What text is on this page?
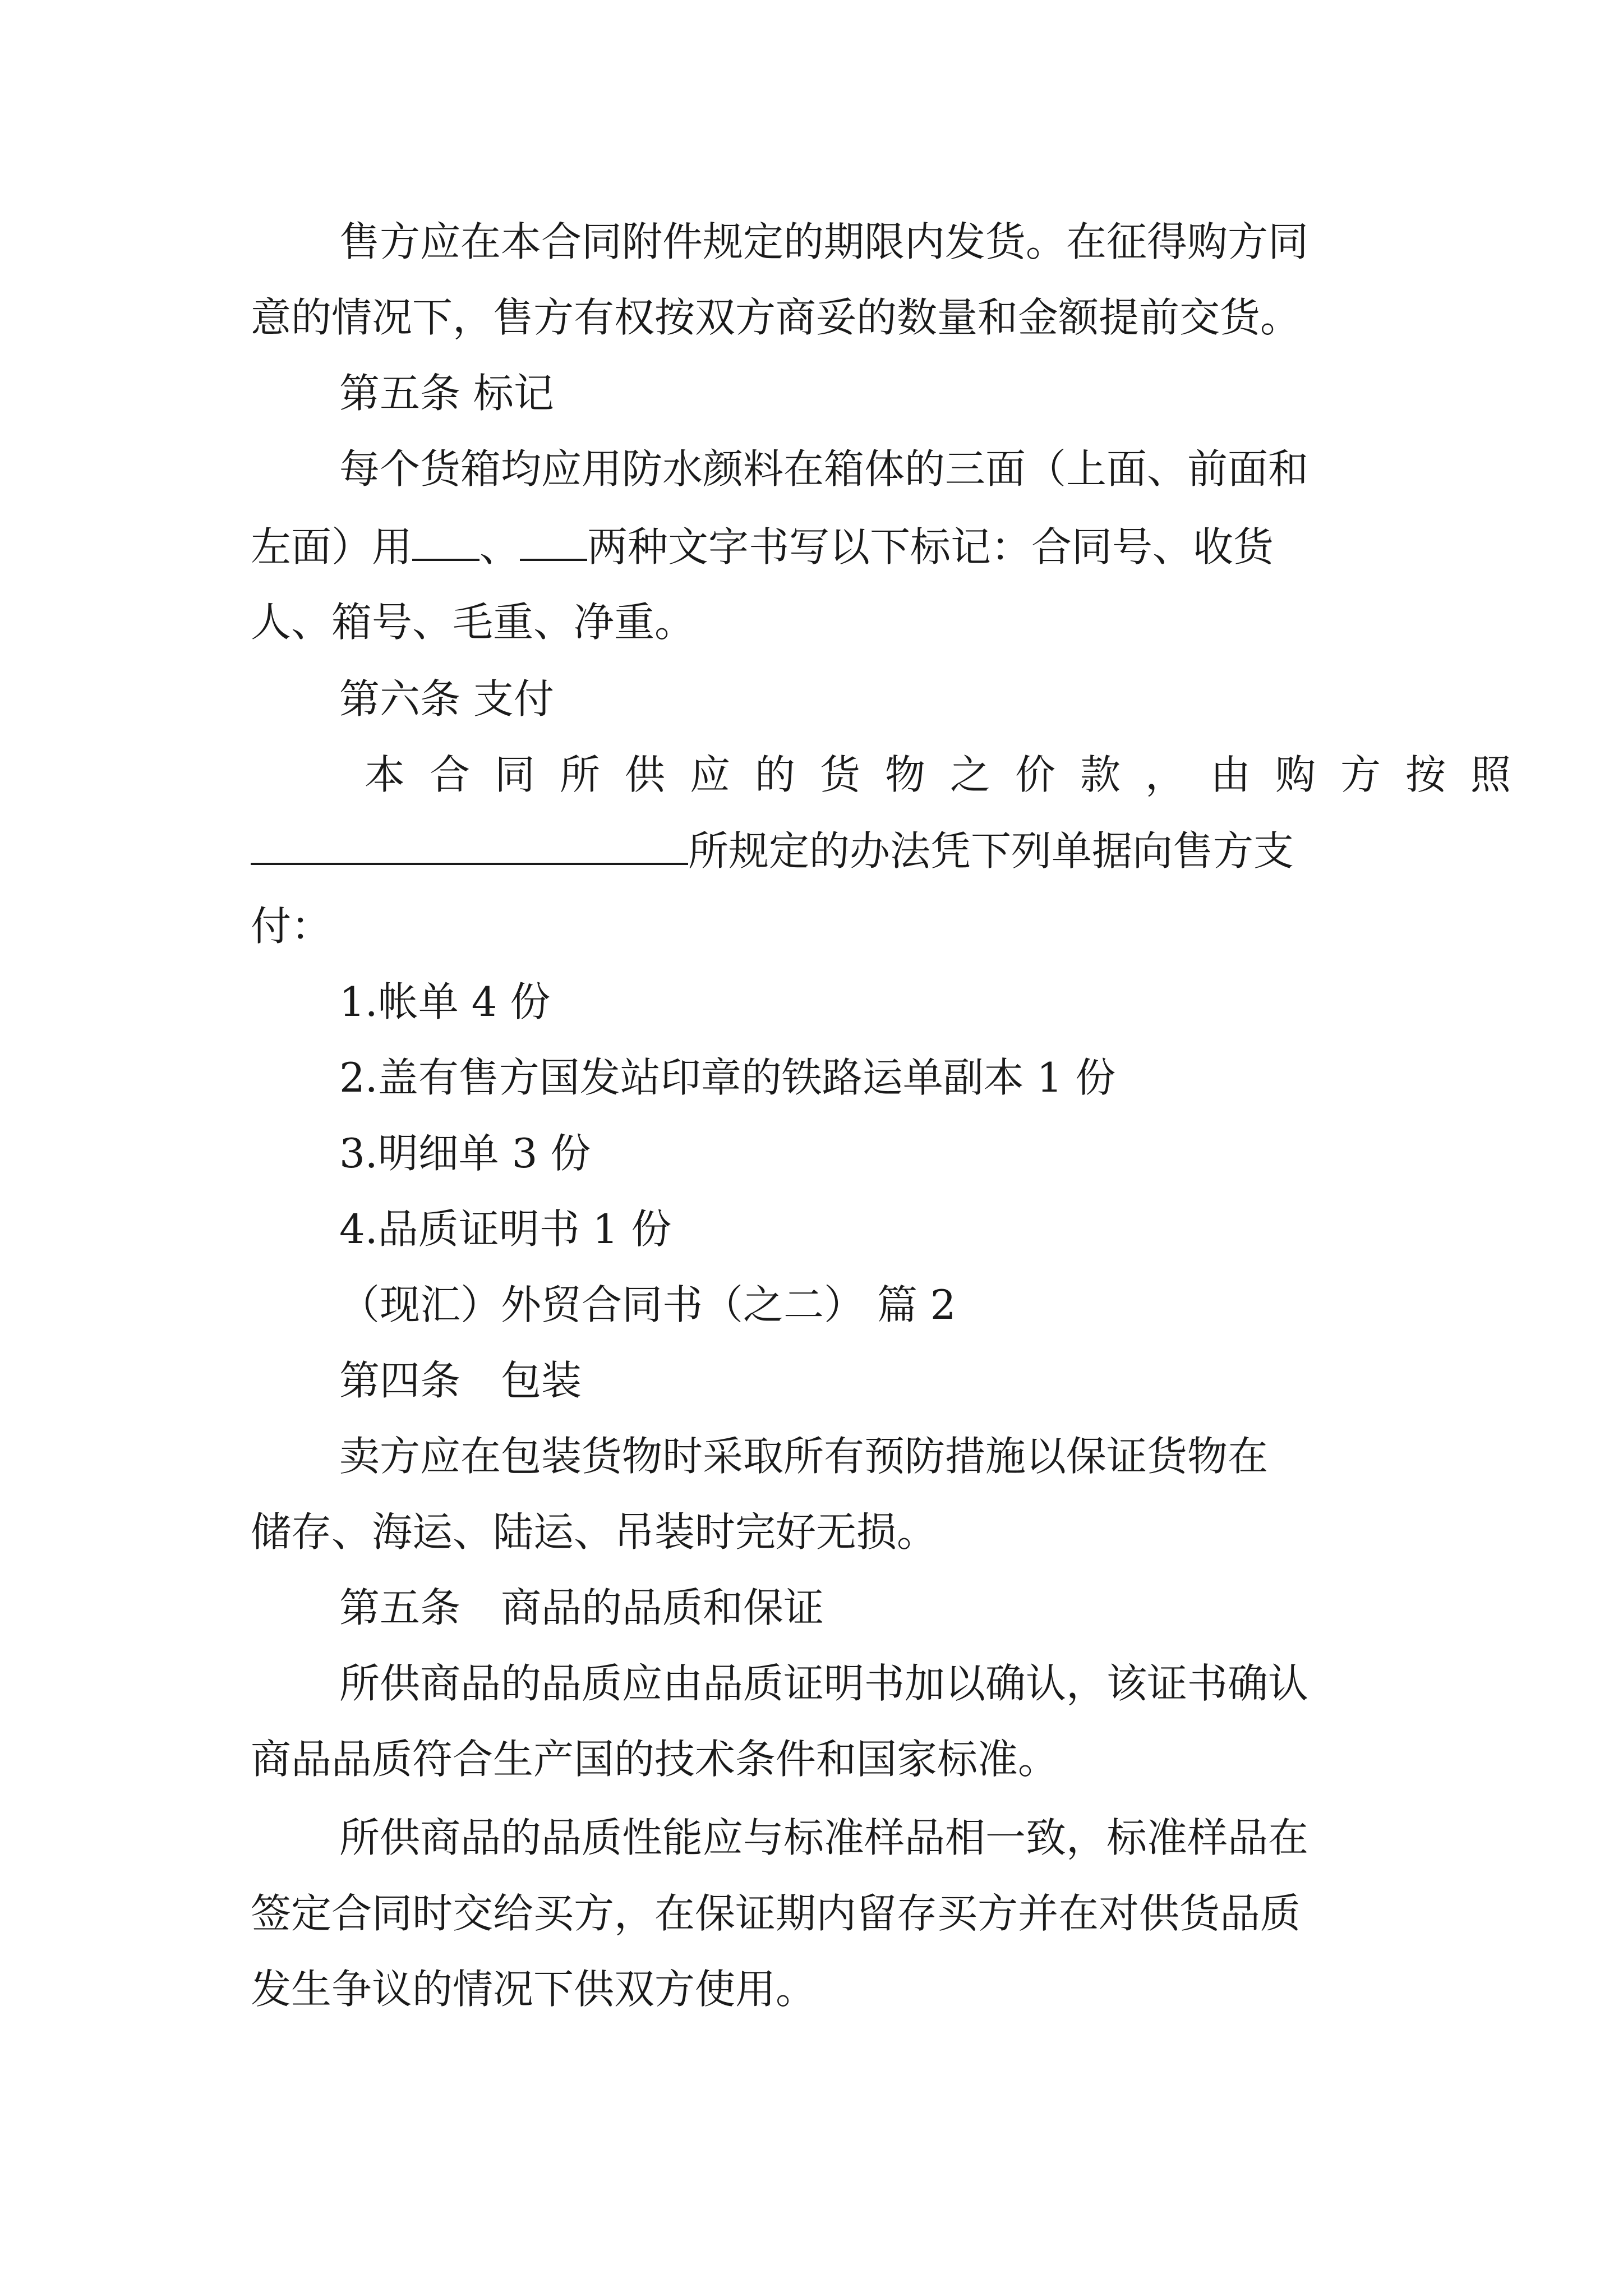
售方应在本合同附件规定的期限内发货。在征得购方同

意的情况下，售方有权按双方商妥的数量和金额提前交货。

第五条 标记

每个货箱均应用防水颜料在箱体的三面（上面、前面和

左面）用 、 两种文字书写以下标记：合同号、收货

人、箱号、毛重、净重。

第六条 支付

本合同所供应的货物之价款，由购方按照

所规定的办法凭下列单据向售方支

付：

1.帐单 4 份

2.盖有售方国发站印章的铁路运单副本 1 份

3.明细单 3 份

4.品质证明书 1 份

（现汇）外贸合同书（之二） 篇 2

第四条　包装

卖方应在包装货物时采取所有预防措施以保证货物在

储存、海运、陆运、吊装时完好无损。

第五条　商品的品质和保证

所供商品的品质应由品质证明书加以确认，该证书确认

商品品质符合生产国的技术条件和国家标准。

所供商品的品质性能应与标准样品相一致，标准样品在

签定合同时交给买方，在保证期内留存买方并在对供货品质

发生争议的情况下供双方使用。
